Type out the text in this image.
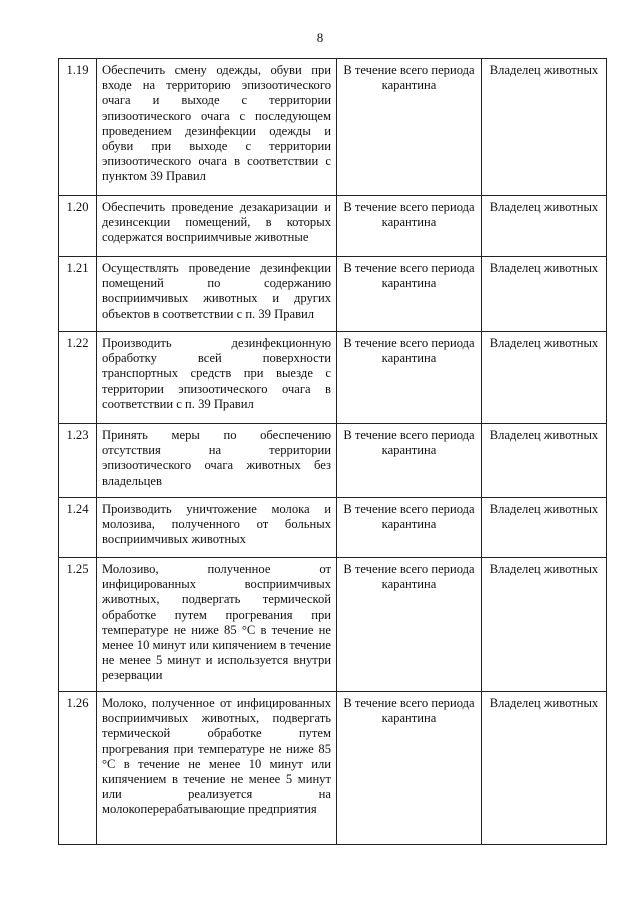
8
1.19	Обеспечить смену одежды, обуви при входе на территорию эпизоотического очага и выходе с территории эпизоотического очага с последующем проведением дезинфекции одежды и обуви при выходе с территории эпизоотического очага в соответствии с пунктом 39 Правил	В течение всего периода карантина	Владелец животных
1.20	Обеспечить проведение дезакаризации и дезинсекции помещений, в которых содержатся восприимчивые животные	В течение всего периода карантина	Владелец животных
1.21	Осуществлять проведение дезинфекции помещений по содержанию восприимчивых животных и других объектов в соответствии с п. 39 Правил	В течение всего периода карантина	Владелец животных
1.22	Производить дезинфекционную обработку всей поверхности транспортных средств при выезде с территории эпизоотического очага в соответствии с п. 39 Правил	В течение всего периода карантина	Владелец животных
1.23	Принять меры по обеспечению отсутствия на территории эпизоотического очага животных без владельцев	В течение всего периода карантина	Владелец животных
1.24	Производить уничтожение молока и молозива, полученного от больных восприимчивых животных	В течение всего периода карантина	Владелец животных
1.25	Молозиво, полученное от инфицированных восприимчивых животных, подвергать термической обработке путем прогревания при температуре не ниже 85 °С в течение не менее 10 минут или кипячением в течение не менее 5 минут и используется внутри резервации	В течение всего периода карантина	Владелец животных
1.26	Молоко, полученное от инфицированных восприимчивых животных, подвергать термической обработке путем прогревания при температуре не ниже 85 °С в течение не менее 10 минут или кипячением в течение не менее 5 минут или реализуется на молокоперерабатывающие предприятия	В течение всего периода карантина	Владелец животных
